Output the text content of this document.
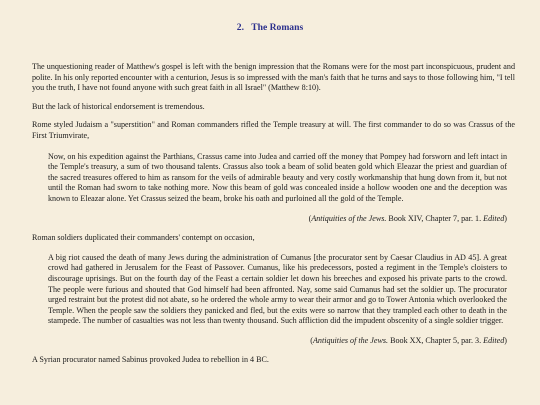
2. The Romans

The unquestioning reader of Matthew's gospel is left with the benign impression that the Romans were for the most part inconspicuous, prudent and polite. In his only reported encounter with a centurion, Jesus is so impressed with the man's faith that he turns and says to those following him, "I tell you the truth, I have not found anyone with such great faith in all Israel" (Matthew 8:10).

But the lack of historical endorsement is tremendous.

Rome styled Judaism a "superstition" and Roman commanders rifled the Temple treasury at will. The first commander to do so was Crassus of the First Triumvirate,

Now, on his expedition against the Parthians, Crassus came into Judea and carried off the money that Pompey had forsworn and left intact in the Temple's treasury, a sum of two thousand talents. Crassus also took a beam of solid beaten gold which Eleazar the priest and guardian of the sacred treasures offered to him as ransom for the veils of admirable beauty and very costly workmanship that hung down from it, but not until the Roman had sworn to take nothing more. Now this beam of gold was concealed inside a hollow wooden one and the deception was known to Eleazar alone. Yet Crassus seized the beam, broke his oath and purloined all the gold of the Temple.

(Antiquities of the Jews. Book XIV, Chapter 7, par. 1. Edited)

Roman soldiers duplicated their commanders' contempt on occasion,

A big riot caused the death of many Jews during the administration of Cumanus [the procurator sent by Caesar Claudius in AD 45]. A great crowd had gathered in Jerusalem for the Feast of Passover. Cumanus, like his predecessors, posted a regiment in the Temple's cloisters to discourage uprisings. But on the fourth day of the Feast a certain soldier let down his breeches and exposed his private parts to the crowd. The people were furious and shouted that God himself had been affronted. Nay, some said Cumanus had set the soldier up. The procurator urged restraint but the protest did not abate, so he ordered the whole army to wear their armor and go to Tower Antonia which overlooked the Temple. When the people saw the soldiers they panicked and fled, but the exits were so narrow that they trampled each other to death in the stampede. The number of casualties was not less than twenty thousand. Such affliction did the impudent obscenity of a single soldier trigger.

(Antiquities of the Jews. Book XX, Chapter 5, par. 3. Edited)

A Syrian procurator named Sabinus provoked Judea to rebellion in 4 BC.
